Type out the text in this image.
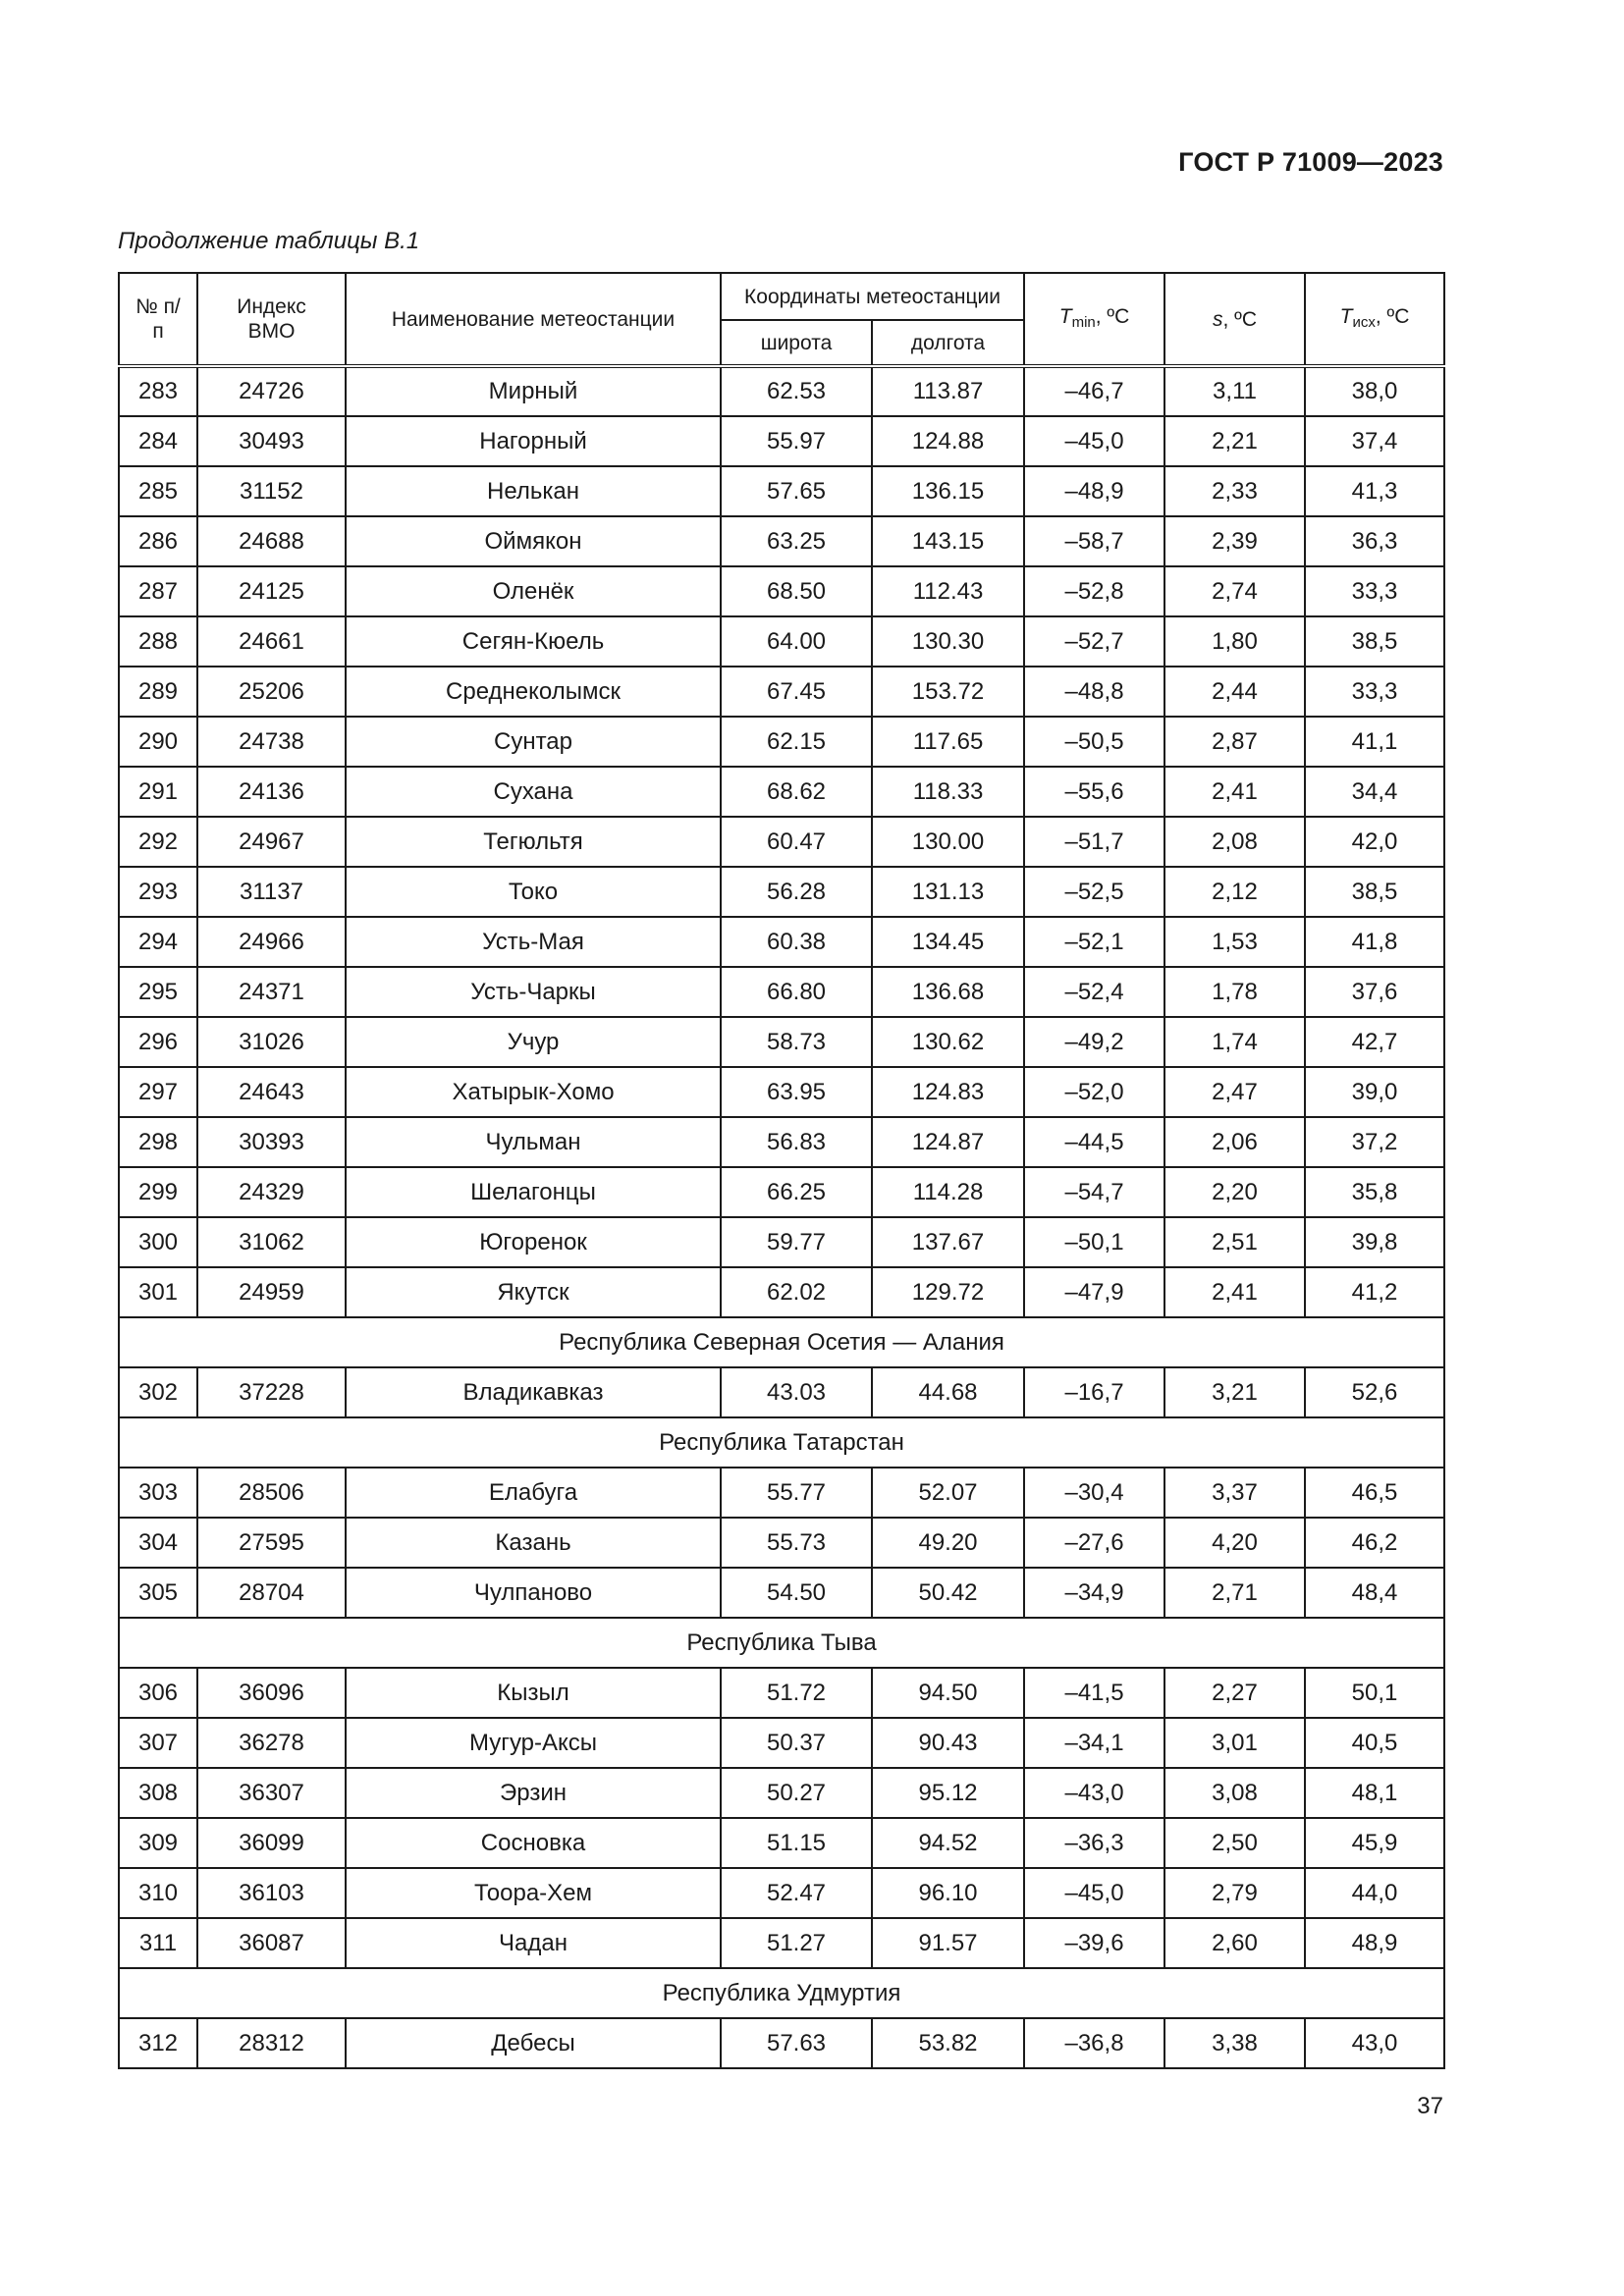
ГОСТ Р 71009—2023
Продолжение таблицы В.1
№ п/п	Индекс ВМО	Наименование метеостанции	Координаты метеостанции		$T_{min}$, ºС	s, ºС	$T_{исх}$, ºС
			широта	долгота			
283	24726	Мирный	62.53	113.87	–46,7	3,11	38,0
284	30493	Нагорный	55.97	124.88	–45,0	2,21	37,4
285	31152	Нелькан	57.65	136.15	–48,9	2,33	41,3
286	24688	Оймякон	63.25	143.15	–58,7	2,39	36,3
287	24125	Оленёк	68.50	112.43	–52,8	2,74	33,3
288	24661	Сегян-Кюель	64.00	130.30	–52,7	1,80	38,5
289	25206	Среднеколымск	67.45	153.72	–48,8	2,44	33,3
290	24738	Сунтар	62.15	117.65	–50,5	2,87	41,1
291	24136	Сухана	68.62	118.33	–55,6	2,41	34,4
292	24967	Тегюльтя	60.47	130.00	–51,7	2,08	42,0
293	31137	Токо	56.28	131.13	–52,5	2,12	38,5
294	24966	Усть-Мая	60.38	134.45	–52,1	1,53	41,8
295	24371	Усть-Чаркы	66.80	136.68	–52,4	1,78	37,6
296	31026	Учур	58.73	130.62	–49,2	1,74	42,7
297	24643	Хатырык-Хомо	63.95	124.83	–52,0	2,47	39,0
298	30393	Чульман	56.83	124.87	–44,5	2,06	37,2
299	24329	Шелагонцы	66.25	114.28	–54,7	2,20	35,8
300	31062	Югоренок	59.77	137.67	–50,1	2,51	39,8
301	24959	Якутск	62.02	129.72	–47,9	2,41	41,2
Республика Северная Осетия — Алания							
302	37228	Владикавказ	43.03	44.68	–16,7	3,21	52,6
Республика Татарстан							
303	28506	Елабуга	55.77	52.07	–30,4	3,37	46,5
304	27595	Казань	55.73	49.20	–27,6	4,20	46,2
305	28704	Чулпаново	54.50	50.42	–34,9	2,71	48,4
Республика Тыва							
306	36096	Кызыл	51.72	94.50	–41,5	2,27	50,1
307	36278	Мугур-Аксы	50.37	90.43	–34,1	3,01	40,5
308	36307	Эрзин	50.27	95.12	–43,0	3,08	48,1
309	36099	Сосновка	51.15	94.52	–36,3	2,50	45,9
310	36103	Тоора-Хем	52.47	96.10	–45,0	2,79	44,0
311	36087	Чадан	51.27	91.57	–39,6	2,60	48,9
Республика Удмуртия							
312	28312	Дебесы	57.63	53.82	–36,8	3,38	43,0
37
